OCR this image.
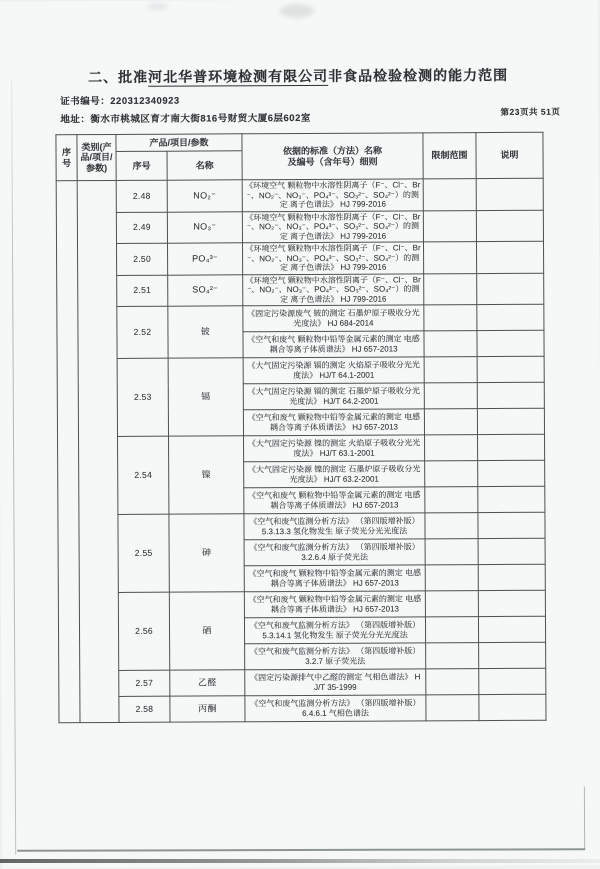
二、批准河北华普环境检测有限公司非食品检验检测的能力范围
证书编号：220312340923
地址：衡水市桃城区育才南大街816号财贸大厦6层602室
第23页共 51页
序号	类别(产品/项目/参数)	产品/项目/参数		依据的标准（方法）名称
及编号（含年号）细则	限制范围	说明
		序号	名称			
		2.48	NO₂⁻	《环境空气 颗粒物中水溶性阴离子（F⁻、Cl⁻、Br⁻、NO₂⁻、NO₃⁻、PO₄³⁻、SO₃²⁻、SO₄²⁻）的测定 离子色谱法》 HJ 799-2016		
		2.49	NO₃⁻	《环境空气 颗粒物中水溶性阴离子（F⁻、Cl⁻、Br⁻、NO₂⁻、NO₃⁻、PO₄³⁻、SO₃²⁻、SO₄²⁻）的测定 离子色谱法》 HJ 799-2016		
		2.50	PO₄³⁻	《环境空气 颗粒物中水溶性阴离子（F⁻、Cl⁻、Br⁻、NO₂⁻、NO₃⁻、PO₄³⁻、SO₃²⁻、SO₄²⁻）的测定 离子色谱法》 HJ 799-2016		
		2.51	SO₄²⁻	《环境空气 颗粒物中水溶性阴离子（F⁻、Cl⁻、Br⁻、NO₂⁻、NO₃⁻、PO₄³⁻、SO₃²⁻、SO₄²⁻）的测定 离子色谱法》 HJ 799-2016		
		2.52	铍	《固定污染源废气 铍的测定 石墨炉原子吸收分光光度法》 HJ 684-2014		
				《空气和废气 颗粒物中铅等金属元素的测定 电感耦合等离子体质谱法》 HJ 657-2013		
		2.53	镉	《大气固定污染源 镉的测定 火焰原子吸收分光光度法》 HJ/T 64.1-2001		
				《大气固定污染源 镉的测定 石墨炉原子吸收分光光度法》 HJ/T 64.2-2001		
				《空气和废气 颗粒物中铅等金属元素的测定 电感耦合等离子体质谱法》 HJ 657-2013		
		2.54	镍	《大气固定污染源 镍的测定 火焰原子吸收分光光度法》 HJ/T 63.1-2001		
				《大气固定污染源 镍的测定 石墨炉原子吸收分光光度法》 HJ/T 63.2-2001		
				《空气和废气 颗粒物中铅等金属元素的测定 电感耦合等离子体质谱法》 HJ 657-2013		
		2.55	砷	《空气和废气监测分析方法》 （第四版增补版） 5.3.13.3 氢化物发生 原子荧光分光光度法		
				《空气和废气监测分析方法》 （第四版增补版） 3.2.6.4 原子荧光法		
				《空气和废气 颗粒物中铅等金属元素的测定 电感耦合等离子体质谱法》 HJ 657-2013		
		2.56	硒	《空气和废气 颗粒物中铅等金属元素的测定 电感耦合等离子体质谱法》 HJ 657-2013		
				《空气和废气监测分析方法》 （第四版增补版） 5.3.14.1 氢化物发生 原子荧光分光光度法		
				《空气和废气监测分析方法》 （第四版增补版） 3.2.7 原子荧光法		
		2.57	乙醛	《固定污染源排气中乙醛的测定 气相色谱法》 HJ/T 35-1999		
		2.58	丙酮	《空气和废气监测分析方法》 （第四版增补版） 6.4.6.1 气相色谱法		
